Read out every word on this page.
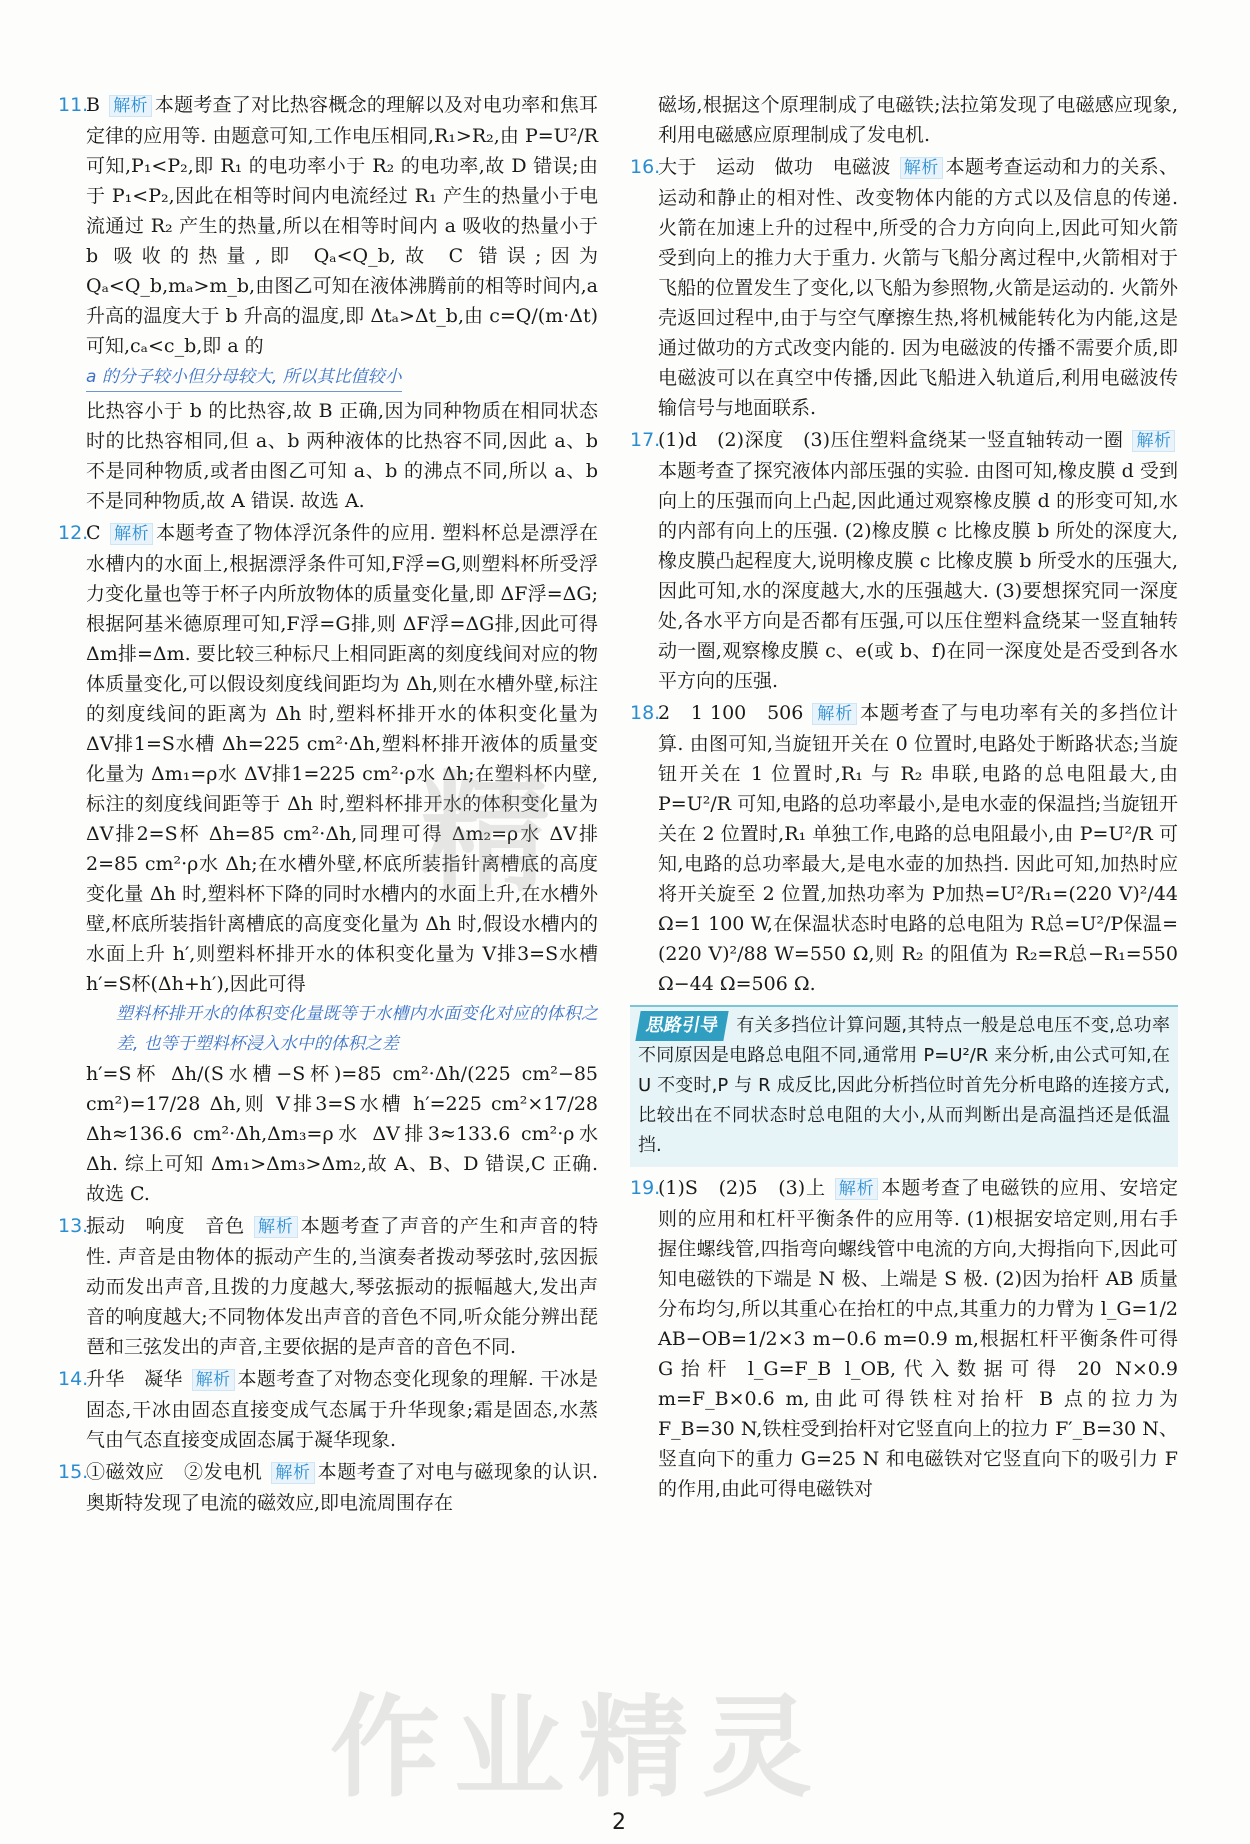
11.
B 解析 本题考查了对比热容概念的理解以及对电功率和焦耳定律的应用等. 由题意可知,工作电压相同,R₁>R₂,由 P=U²/R 可知,P₁<P₂,即 R₁ 的电功率小于 R₂ 的电功率,故 D 错误;由于 P₁<P₂,因此在相等时间内电流经过 R₁ 产生的热量小于电流通过 R₂ 产生的热量,所以在相等时间内 a 吸收的热量小于 b 吸收的热量,即 Qₐ<Q_b,故 C 错误;因为 Qₐ<Q_b,mₐ>m_b,由图乙可知在液体沸腾前的相等时间内,a 升高的温度大于 b 升高的温度,即 Δtₐ>Δt_b,由 c=Q/(m·Δt) 可知,cₐ<c_b,即 a 的
a 的分子较小但分母较大, 所以其比值较小
比热容小于 b 的比热容,故 B 正确,因为同种物质在相同状态时的比热容相同,但 a、b 两种液体的比热容不同,因此 a、b 不是同种物质,或者由图乙可知 a、b 的沸点不同,所以 a、b 不是同种物质,故 A 错误. 故选 A.
12.
C 解析 本题考查了物体浮沉条件的应用. 塑料杯总是漂浮在水槽内的水面上,根据漂浮条件可知,F浮=G,则塑料杯所受浮力变化量也等于杯子内所放物体的质量变化量,即 ΔF浮=ΔG;根据阿基米德原理可知,F浮=G排,则 ΔF浮=ΔG排,因此可得 Δm排=Δm. 要比较三种标尺上相同距离的刻度线间对应的物体质量变化,可以假设刻度线间距均为 Δh,则在水槽外壁,标注的刻度线间的距离为 Δh 时,塑料杯排开水的体积变化量为 ΔV排1=S水槽 Δh=225 cm²·Δh,塑料杯排开液体的质量变化量为 Δm₁=ρ水 ΔV排1=225 cm²·ρ水 Δh;在塑料杯内壁,标注的刻度线间距等于 Δh 时,塑料杯排开水的体积变化量为 ΔV排2=S杯 Δh=85 cm²·Δh,同理可得 Δm₂=ρ水 ΔV排2=85 cm²·ρ水 Δh;在水槽外壁,杯底所装指针离槽底的高度变化量 Δh 时,塑料杯下降的同时水槽内的水面上升,在水槽外壁,杯底所装指针离槽底的高度变化量为 Δh 时,假设水槽内的水面上升 h′,则塑料杯排开水的体积变化量为 V排3=S水槽 h′=S杯(Δh+h′),因此可得
塑料杯排开水的体积变化量既等于水槽内水面变化对应的体积之差, 也等于塑料杯浸入水中的体积之差
h′=S杯 Δh/(S水槽−S杯)=85 cm²·Δh/(225 cm²−85 cm²)=17/28 Δh,则 V排3=S水槽 h′=225 cm²×17/28 Δh≈136.6 cm²·Δh,Δm₃=ρ水 ΔV排3≈133.6 cm²·ρ水 Δh. 综上可知 Δm₁>Δm₃>Δm₂,故 A、B、D 错误,C 正确. 故选 C.
13.
振动　响度　音色 解析 本题考查了声音的产生和声音的特性. 声音是由物体的振动产生的,当演奏者拨动琴弦时,弦因振动而发出声音,且拨的力度越大,琴弦振动的振幅越大,发出声音的响度越大;不同物体发出声音的音色不同,听众能分辨出琵琶和三弦发出的声音,主要依据的是声音的音色不同.
14.
升华　凝华 解析 本题考查了对物态变化现象的理解. 干冰是固态,干冰由固态直接变成气态属于升华现象;霜是固态,水蒸气由气态直接变成固态属于凝华现象.
15.
①磁效应　②发电机 解析 本题考查了对电与磁现象的认识. 奥斯特发现了电流的磁效应,即电流周围存在
磁场,根据这个原理制成了电磁铁;法拉第发现了电磁感应现象,利用电磁感应原理制成了发电机.
16.
大于　运动　做功　电磁波 解析 本题考查运动和力的关系、运动和静止的相对性、改变物体内能的方式以及信息的传递. 火箭在加速上升的过程中,所受的合力方向向上,因此可知火箭受到向上的推力大于重力. 火箭与飞船分离过程中,火箭相对于飞船的位置发生了变化,以飞船为参照物,火箭是运动的. 火箭外壳返回过程中,由于与空气摩擦生热,将机械能转化为内能,这是通过做功的方式改变内能的. 因为电磁波的传播不需要介质,即电磁波可以在真空中传播,因此飞船进入轨道后,利用电磁波传输信号与地面联系.
17.
(1)d　(2)深度　(3)压住塑料盒绕某一竖直轴转动一圈 解析本题考查了探究液体内部压强的实验. 由图可知,橡皮膜 d 受到向上的压强而向上凸起,因此通过观察橡皮膜 d 的形变可知,水的内部有向上的压强. (2)橡皮膜 c 比橡皮膜 b 所处的深度大,橡皮膜凸起程度大,说明橡皮膜 c 比橡皮膜 b 所受水的压强大,因此可知,水的深度越大,水的压强越大. (3)要想探究同一深度处,各水平方向是否都有压强,可以压住塑料盒绕某一竖直轴转动一圈,观察橡皮膜 c、e(或 b、f)在同一深度处是否受到各水平方向的压强.
18.
2　1 100　506 解析 本题考查了与电功率有关的多挡位计算. 由图可知,当旋钮开关在 0 位置时,电路处于断路状态;当旋钮开关在 1 位置时,R₁ 与 R₂ 串联,电路的总电阻最大,由 P=U²/R 可知,电路的总功率最小,是电水壶的保温挡;当旋钮开关在 2 位置时,R₁ 单独工作,电路的总电阻最小,由 P=U²/R 可知,电路的总功率最大,是电水壶的加热挡. 因此可知,加热时应将开关旋至 2 位置,加热功率为 P加热=U²/R₁=(220 V)²/44 Ω=1 100 W,在保温状态时电路的总电阻为 R总=U²/P保温=(220 V)²/88 W=550 Ω,则 R₂ 的阻值为 R₂=R总−R₁=550 Ω−44 Ω=506 Ω.
思路引导 有关多挡位计算问题,其特点一般是总电压不变,总功率不同原因是电路总电阻不同,通常用 P=U²/R 来分析,由公式可知,在 U 不变时,P 与 R 成反比,因此分析挡位时首先分析电路的连接方式,比较出在不同状态时总电阻的大小,从而判断出是高温挡还是低温挡.
19.
(1)S　(2)5　(3)上 解析 本题考查了电磁铁的应用、安培定则的应用和杠杆平衡条件的应用等. (1)根据安培定则,用右手握住螺线管,四指弯向螺线管中电流的方向,大拇指向下,因此可知电磁铁的下端是 N 极、上端是 S 极. (2)因为抬杆 AB 质量分布均匀,所以其重心在抬杠的中点,其重力的力臂为 l_G=1/2 AB−OB=1/2×3 m−0.6 m=0.9 m,根据杠杆平衡条件可得 G抬杆 l_G=F_B l_OB,代入数据可得 20 N×0.9 m=F_B×0.6 m,由此可得铁柱对抬杆 B 点的拉力为 F_B=30 N,铁柱受到抬杆对它竖直向上的拉力 F′_B=30 N、竖直向下的重力 G=25 N 和电磁铁对它竖直向下的吸引力 F 的作用,由此可得电磁铁对
精
作业精灵
2
